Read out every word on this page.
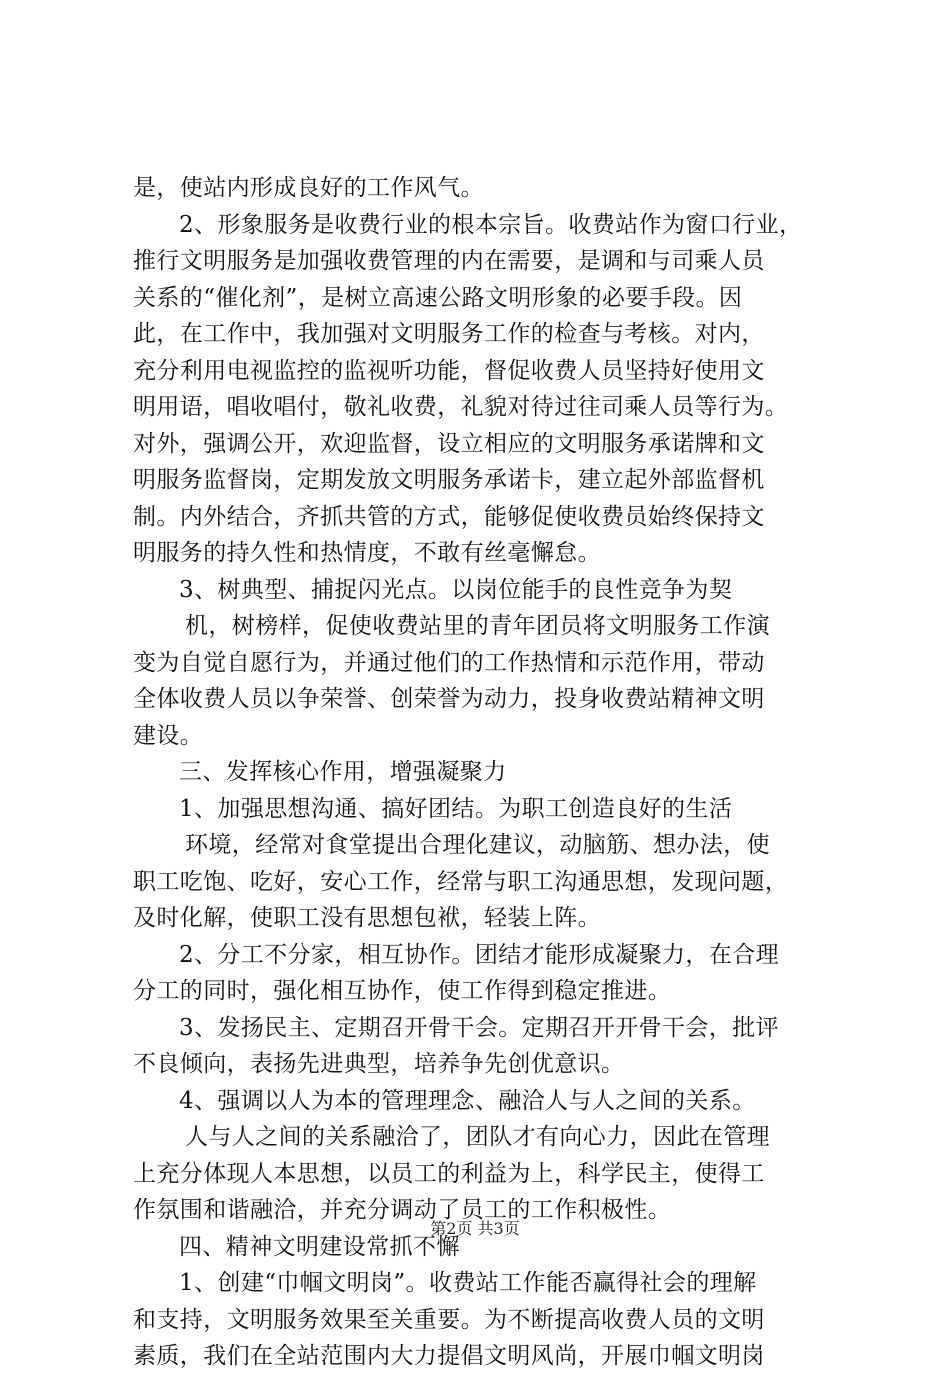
是，使站内形成良好的工作风气。
2、形象服务是收费行业的根本宗旨。收费站作为窗口行业，
推行文明服务是加强收费管理的内在需要，是调和与司乘人员
关系的“催化剂”，是树立高速公路文明形象的必要手段。因
此，在工作中，我加强对文明服务工作的检查与考核。对内，
充分利用电视监控的监视听功能，督促收费人员坚持好使用文
明用语，唱收唱付，敬礼收费，礼貌对待过往司乘人员等行为。
对外，强调公开，欢迎监督，设立相应的文明服务承诺牌和文
明服务监督岗，定期发放文明服务承诺卡，建立起外部监督机
制。内外结合，齐抓共管的方式，能够促使收费员始终保持文
明服务的持久性和热情度，不敢有丝毫懈怠。
3、树典型、捕捉闪光点。以岗位能手的良性竞争为契
机，树榜样，促使收费站里的青年团员将文明服务工作演
变为自觉自愿行为，并通过他们的工作热情和示范作用，带动
全体收费人员以争荣誉、创荣誉为动力，投身收费站精神文明
建设。
三、发挥核心作用，增强凝聚力
1、加强思想沟通、搞好团结。为职工创造良好的生活
环境，经常对食堂提出合理化建议，动脑筋、想办法，使
职工吃饱、吃好，安心工作，经常与职工沟通思想，发现问题，
及时化解，使职工没有思想包袱，轻装上阵。
2、分工不分家，相互协作。团结才能形成凝聚力，在合理
分工的同时，强化相互协作，使工作得到稳定推进。
3、发扬民主、定期召开骨干会。定期召开开骨干会，批评
不良倾向，表扬先进典型，培养争先创优意识。
4、强调以人为本的管理理念、融洽人与人之间的关系。
人与人之间的关系融洽了，团队才有向心力，因此在管理
上充分体现人本思想，以员工的利益为上，科学民主，使得工
作氛围和谐融洽，并充分调动了员工的工作积极性。
四、精神文明建设常抓不懈
1、创建“巾帼文明岗”。收费站工作能否赢得社会的理解
和支持，文明服务效果至关重要。为不断提高收费人员的文明
素质，我们在全站范围内大力提倡文明风尚，开展巾帼文明岗
第2页 共3页
